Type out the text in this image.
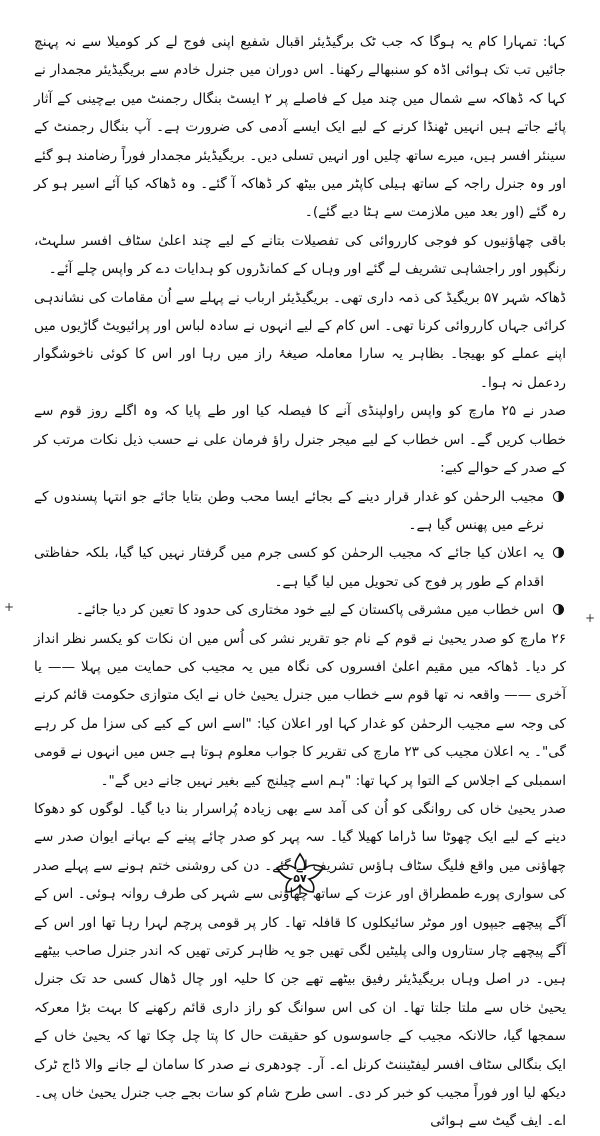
کہا: تمہارا کام یہ ہوگا کہ جب ٹک برگیڈیئر اقبال شفیع اپنی فوج لے کر کومیلا سے نہ پہنچ جائیں تب تک ہوائی اڈہ کو سنبھالے رکھنا۔ اس دوران میں جنرل خادم سے بریگیڈیئر مجمدار نے کہا کہ ڈھاکہ سے شمال میں چند میل کے فاصلے پر ۲ ایسٹ بنگال رجمنٹ میں بےچینی کے آثار پائے جاتے ہیں انہیں ٹھنڈا کرنے کے لیے ایک ایسے آدمی کی ضرورت ہے۔ آپ بنگال رجمنٹ کے سینئر افسر ہیں، میرے ساتھ چلیں اور انہیں تسلی دیں۔ بریگیڈیئر مجمدار فوراً رضامند ہو گئے اور وہ جنرل راجہ کے ساتھ ہیلی کاپٹر میں بیٹھ کر ڈھاکہ آ گئے۔ وہ ڈھاکہ کیا آئے اسیر ہو کر رہ گئے (اور بعد میں ملازمت سے ہٹا دیے گئے)۔

باقی چھاؤنیوں کو فوجی کارروائی کی تفصیلات بتانے کے لیے چند اعلیٰ سٹاف افسر سلہٹ، رنگپور اور راجشاہی تشریف لے گئے اور وہاں کے کمانڈروں کو ہدایات دے کر واپس چلے آئے۔

ڈھاکہ شہر ۵۷ بریگیڈ کی ذمہ داری تھی۔ بریگیڈیئر ارباب نے پہلے سے اُن مقامات کی نشاندہی کرائی جہاں کارروائی کرنا تھی۔ اس کام کے لیے انہوں نے سادہ لباس اور پرائیویٹ گاڑیوں میں اپنے عملے کو بھیجا۔ بظاہر یہ سارا معاملہ صیغۂ راز میں رہا اور اس کا کوئی ناخوشگوار ردعمل نہ ہوا۔

صدر نے ۲۵ مارچ کو واپس راولپنڈی آنے کا فیصلہ کیا اور طے پایا کہ وہ اگلے روز قوم سے خطاب کریں گے۔ اس خطاب کے لیے میجر جنرل راؤ فرمان علی نے حسب ذیل نکات مرتب کر کے صدر کے حوالے کیے:

مجیب الرحمٰن کو غدار قرار دینے کے بجائے ایسا محب وطن بتایا جائے جو انتہا پسندوں کے نرغے میں پھنس گیا ہے۔
یہ اعلان کیا جائے کہ مجیب الرحمٰن کو کسی جرم میں گرفتار نہیں کیا گیا، بلکہ حفاظتی اقدام کے طور پر فوج کی تحویل میں لیا گیا ہے۔
اس خطاب میں مشرقی پاکستان کے لیے خود مختاری کی حدود کا تعین کر دیا جائے۔

۲۶ مارچ کو صدر یحییٰ نے قوم کے نام جو تقریر نشر کی اُس میں ان نکات کو یکسر نظر انداز کر دیا۔ ڈھاکہ میں مقیم اعلیٰ افسروں کی نگاہ میں یہ مجیب کی حمایت میں پہلا —— یا آخری —— واقعہ نہ تھا قوم سے خطاب میں جنرل یحییٰ خاں نے ایک متوازی حکومت قائم کرنے کی وجہ سے مجیب الرحمٰن کو غدار کہا اور اعلان کیا: "اسے اس کے کیے کی سزا مل کر رہے گی"۔ یہ اعلان مجیب کی ۲۳ مارچ کی تقریر کا جواب معلوم ہوتا ہے جس میں انہوں نے قومی اسمبلی کے اجلاس کے التوا پر کہا تھا: "ہم اسے چیلنج کیے بغیر نہیں جانے دیں گے"۔

صدر یحییٰ خاں کی روانگی کو اُن کی آمد سے بھی زیادہ پُراسرار بنا دیا گیا۔ لوگوں کو دھوکا دینے کے لیے ایک چھوٹا سا ڈراما کھیلا گیا۔ سہ پہر کو صدر چائے پینے کے بہانے ایوان صدر سے چھاؤنی میں واقع فلیگ سٹاف ہاؤس تشریف لے گئے۔ دن کی روشنی ختم ہونے سے پہلے صدر کی سواری پورے طمطراق اور عزت کے ساتھ چھاؤنی سے شہر کی طرف روانہ ہوئی۔ اس کے آگے پیچھے جیپوں اور موٹر سائیکلوں کا قافلہ تھا۔ کار پر قومی پرچم لہرا رہا تھا اور اس کے آگے پیچھے چار ستاروں والی پلیٹیں لگی تھیں جو یہ ظاہر کرتی تھیں کہ اندر جنرل صاحب بیٹھے ہیں۔ در اصل وہاں بریگیڈیئر رفیق بیٹھے تھے جن کا حلیہ اور چال ڈھال کسی حد تک جنرل یحییٰ خاں سے ملتا جلتا تھا۔ ان کی اس سوانگ کو راز داری قائم رکھنے کا بہت بڑا معرکہ سمجھا گیا، حالانکہ مجیب کے جاسوسوں کو حقیقت حال کا پتا چل چکا تھا کہ یحییٰ خاں کے ایک بنگالی سٹاف افسر لیفٹیننٹ کرنل اے۔ آر۔ چودھری نے صدر کا سامان لے جانے والا ڈاج ٹرک دیکھ لیا اور فوراً مجیب کو خبر کر دی۔ اسی طرح شام کو سات بجے جب جنرل یحییٰ خاں پی۔ اے۔ ایف گیٹ سے ہوائی

+
+
۵۷
